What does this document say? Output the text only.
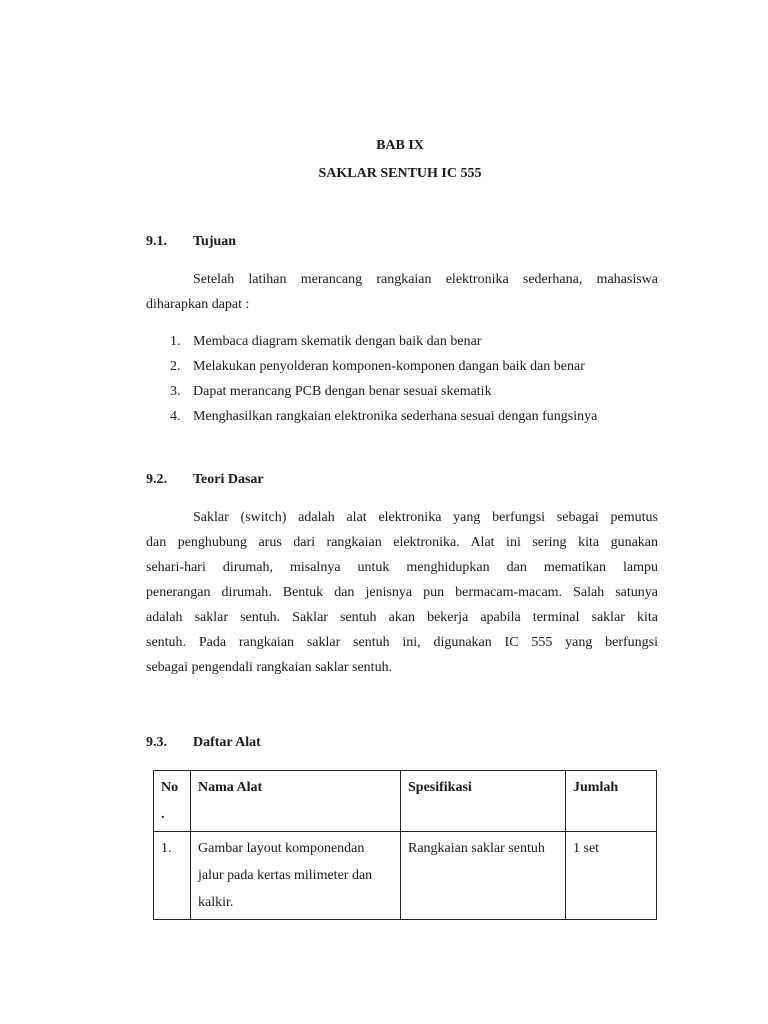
BAB IX
SAKLAR SENTUH IC 555
9.1. Tujuan
Setelah latihan merancang rangkaian elektronika sederhana, mahasiswa
diharapkan dapat :
1. Membaca diagram skematik dengan baik dan benar
2. Melakukan penyolderan komponen-komponen dangan baik dan benar
3. Dapat merancang PCB dengan benar sesuai skematik
4. Menghasilkan rangkaian elektronika sederhana sesuai dengan fungsinya
9.2. Teori Dasar
Saklar (switch) adalah alat elektronika yang berfungsi sebagai pemutus
dan penghubung arus dari rangkaian elektronika. Alat ini sering kita gunakan
sehari-hari dirumah, misalnya untuk menghidupkan dan mematikan lampu
penerangan dirumah. Bentuk dan jenisnya pun bermacam-macam. Salah satunya
adalah saklar sentuh. Saklar sentuh akan bekerja apabila terminal saklar kita
sentuh. Pada rangkaian saklar sentuh ini, digunakan IC 555 yang berfungsi
sebagai pengendali rangkaian saklar sentuh.
9.3. Daftar Alat
No
.	Nama Alat	Spesifikasi	Jumlah
1.	Gambar layout komponendan jalur pada kertas milimeter dan kalkir.	Rangkaian saklar sentuh	1 set
